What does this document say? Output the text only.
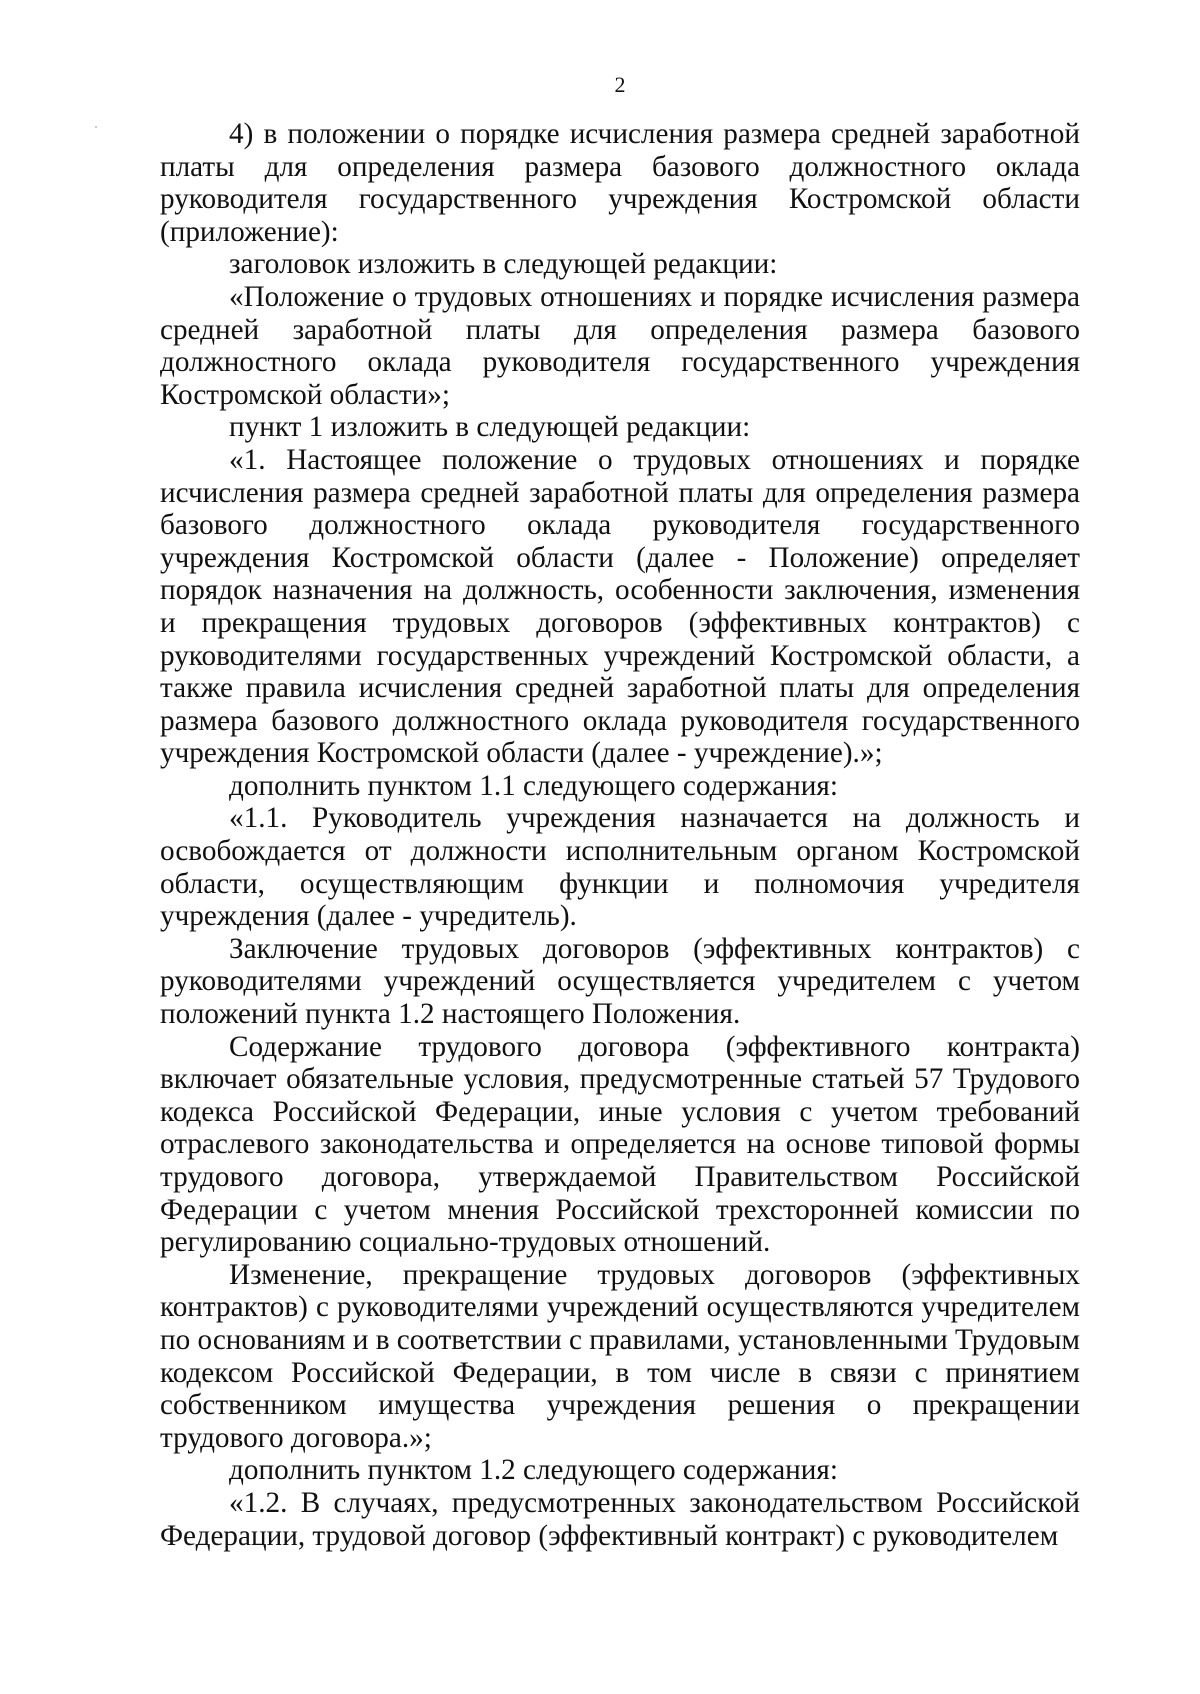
2

4) в положении о порядке исчисления размера средней заработной платы для определения размера базового должностного оклада руководителя государственного учреждения Костромской области (приложение):

заголовок изложить в следующей редакции:

«Положение о трудовых отношениях и порядке исчисления размера средней заработной платы для определения размера базового должностного оклада руководителя государственного учреждения Костромской области»;

пункт 1 изложить в следующей редакции:

«1. Настоящее положение о трудовых отношениях и порядке исчисления размера средней заработной платы для определения размера базового должностного оклада руководителя государственного учреждения Костромской области (далее - Положение) определяет порядок назначения на должность, особенности заключения, изменения и прекращения трудовых договоров (эффективных контрактов) с руководителями государственных учреждений Костромской области, а также правила исчисления средней заработной платы для определения размера базового должностного оклада руководителя государственного учреждения Костромской области (далее - учреждение).»;

дополнить пунктом 1.1 следующего содержания:

«1.1. Руководитель учреждения назначается на должность и освобождается от должности исполнительным органом Костромской области, осуществляющим функции и полномочия учредителя учреждения (далее - учредитель).

Заключение трудовых договоров (эффективных контрактов) с руководителями учреждений осуществляется учредителем с учетом положений пункта 1.2 настоящего Положения.

Содержание трудового договора (эффективного контракта) включает обязательные условия, предусмотренные статьей 57 Трудового кодекса Российской Федерации, иные условия с учетом требований отраслевого законодательства и определяется на основе типовой формы трудового договора, утверждаемой Правительством Российской Федерации с учетом мнения Российской трехсторонней комиссии по регулированию социально-трудовых отношений.

Изменение, прекращение трудовых договоров (эффективных контрактов) с руководителями учреждений осуществляются учредителем по основаниям и в соответствии с правилами, установленными Трудовым кодексом Российской Федерации, в том числе в связи с принятием собственником имущества учреждения решения о прекращении трудового договора.»;

дополнить пунктом 1.2 следующего содержания:

«1.2. В случаях, предусмотренных законодательством Российской Федерации, трудовой договор (эффективный контракт) с руководителем
